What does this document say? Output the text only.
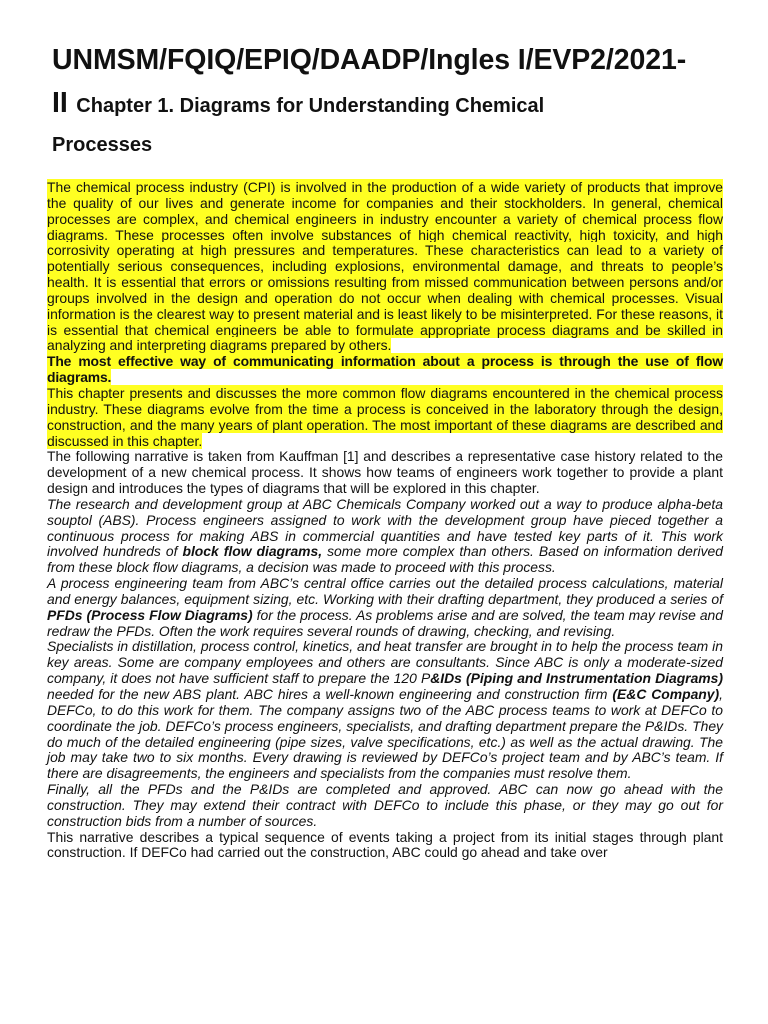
UNMSM/FQIQ/EPIQ/DAADP/Ingles I/EVP2/2021-
II Chapter 1. Diagrams for Understanding Chemical
Processes

The chemical process industry (CPI) is involved in the production of a wide variety of products that improve the quality of our lives and generate income for companies and their stockholders. In general, chemical processes are complex, and chemical engineers in industry encounter a variety of chemical process flow diagrams. These processes often involve substances of high chemical reactivity, high toxicity, and high corrosivity operating at high pressures and temperatures. These characteristics can lead to a variety of potentially serious consequences, including explosions, environmental damage, and threats to people’s health. It is essential that errors or omissions resulting from missed communication between persons and/or groups involved in the design and operation do not occur when dealing with chemical processes. Visual information is the clearest way to present material and is least likely to be misinterpreted. For these reasons, it is essential that chemical engineers be able to formulate appropriate process diagrams and be skilled in analyzing and interpreting diagrams prepared by others.

The most effective way of communicating information about a process is through the use of flow diagrams.

This chapter presents and discusses the more common flow diagrams encountered in the chemical process industry. These diagrams evolve from the time a process is conceived in the laboratory through the design, construction, and the many years of plant operation. The most important of these diagrams are described and discussed in this chapter.

The following narrative is taken from Kauffman [1] and describes a representative case history related to the development of a new chemical process. It shows how teams of engineers work together to provide a plant design and introduces the types of diagrams that will be explored in this chapter.

The research and development group at ABC Chemicals Company worked out a way to produce alpha-beta souptol (ABS). Process engineers assigned to work with the development group have pieced together a continuous process for making ABS in commercial quantities and have tested key parts of it. This work involved hundreds of block flow diagrams, some more complex than others. Based on information derived from these block flow diagrams, a decision was made to proceed with this process.

A process engineering team from ABC’s central office carries out the detailed process calculations, material and energy balances, equipment sizing, etc. Working with their drafting department, they produced a series of PFDs (Process Flow Diagrams) for the process. As problems arise and are solved, the team may revise and redraw the PFDs. Often the work requires several rounds of drawing, checking, and revising.

Specialists in distillation, process control, kinetics, and heat transfer are brought in to help the process team in key areas. Some are company employees and others are consultants. Since ABC is only a moderate-sized company, it does not have sufficient staff to prepare the 120 P&IDs (Piping and Instrumentation Diagrams) needed for the new ABS plant. ABC hires a well-known engineering and construction firm (E&C Company), DEFCo, to do this work for them. The company assigns two of the ABC process teams to work at DEFCo to coordinate the job. DEFCo’s process engineers, specialists, and drafting department prepare the P&IDs. They do much of the detailed engineering (pipe sizes, valve specifications, etc.) as well as the actual drawing. The job may take two to six months. Every drawing is reviewed by DEFCo’s project team and by ABC’s team. If there are disagreements, the engineers and specialists from the companies must resolve them.

Finally, all the PFDs and the P&IDs are completed and approved. ABC can now go ahead with the construction. They may extend their contract with DEFCo to include this phase, or they may go out for construction bids from a number of sources.

This narrative describes a typical sequence of events taking a project from its initial stages through plant construction. If DEFCo had carried out the construction, ABC could go ahead and take over
